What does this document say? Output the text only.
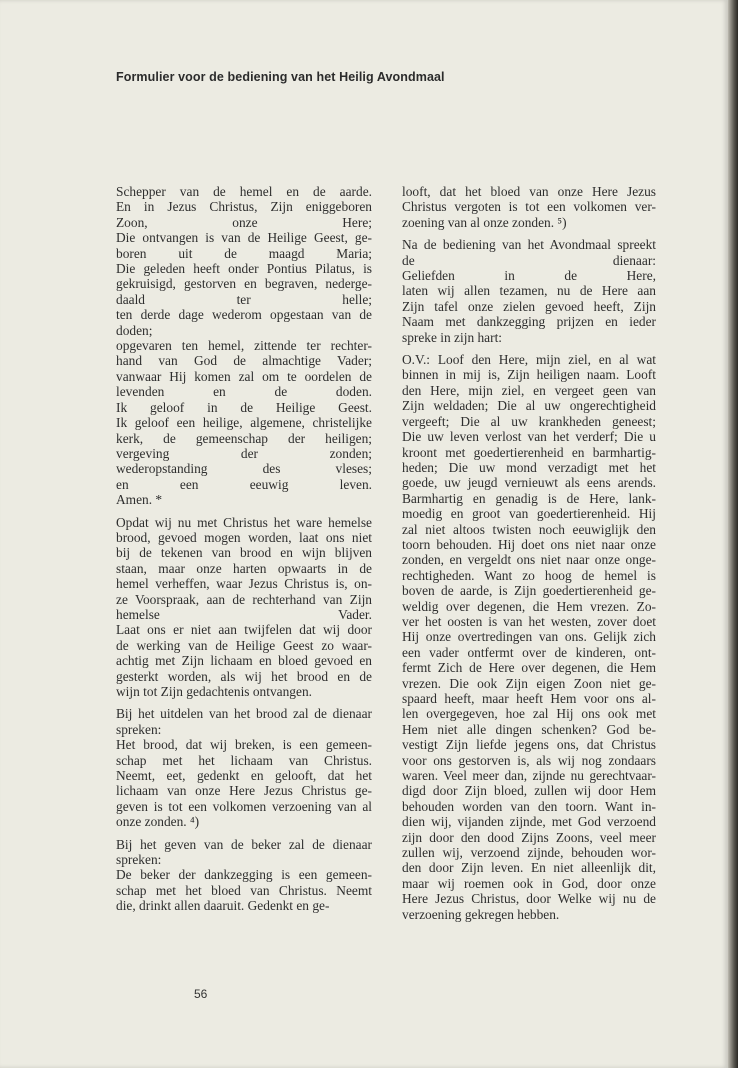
Formulier voor de bediening van het Heilig Avondmaal

Schepper van de hemel en de aarde.
En in Jezus Christus, Zijn eniggeboren
Zoon, onze Here;
Die ontvangen is van de Heilige Geest, ge-
boren uit de maagd Maria;
Die geleden heeft onder Pontius Pilatus, is
gekruisigd, gestorven en begraven, nederge-
daald ter helle;
ten derde dage wederom opgestaan van de
doden;
opgevaren ten hemel, zittende ter rechter-
hand van God de almachtige Vader;
vanwaar Hij komen zal om te oordelen de
levenden en de doden.
Ik geloof in de Heilige Geest.
Ik geloof een heilige, algemene, christelijke
kerk, de gemeenschap der heiligen;
vergeving der zonden;
wederopstanding des vleses;
en een eeuwig leven.
Amen. *

Opdat wij nu met Christus het ware hemelse
brood, gevoed mogen worden, laat ons niet
bij de tekenen van brood en wijn blijven
staan, maar onze harten opwaarts in de
hemel verheffen, waar Jezus Christus is, on-
ze Voorspraak, aan de rechterhand van Zijn
hemelse Vader.
Laat ons er niet aan twijfelen dat wij door
de werking van de Heilige Geest zo waar-
achtig met Zijn lichaam en bloed gevoed en
gesterkt worden, als wij het brood en de
wijn tot Zijn gedachtenis ontvangen.

Bij het uitdelen van het brood zal de dienaar
spreken:
Het brood, dat wij breken, is een gemeen-
schap met het lichaam van Christus.
Neemt, eet, gedenkt en gelooft, dat het
lichaam van onze Here Jezus Christus ge-
geven is tot een volkomen verzoening van al
onze zonden. ⁴)

Bij het geven van de beker zal de dienaar
spreken:
De beker der dankzegging is een gemeen-
schap met het bloed van Christus. Neemt
die, drinkt allen daaruit. Gedenkt en ge-

looft, dat het bloed van onze Here Jezus
Christus vergoten is tot een volkomen ver-
zoening van al onze zonden. ⁵)

Na de bediening van het Avondmaal spreekt
de dienaar:
Geliefden in de Here,
laten wij allen tezamen, nu de Here aan
Zijn tafel onze zielen gevoed heeft, Zijn
Naam met dankzegging prijzen en ieder
spreke in zijn hart:

O.V.: Loof den Here, mijn ziel, en al wat
binnen in mij is, Zijn heiligen naam. Looft
den Here, mijn ziel, en vergeet geen van
Zijn weldaden; Die al uw ongerechtigheid
vergeeft; Die al uw krankheden geneest;
Die uw leven verlost van het verderf; Die u
kroont met goedertierenheid en barmhartig-
heden; Die uw mond verzadigt met het
goede, uw jeugd vernieuwt als eens arends.
Barmhartig en genadig is de Here, lank-
moedig en groot van goedertierenheid. Hij
zal niet altoos twisten noch eeuwiglijk den
toorn behouden. Hij doet ons niet naar onze
zonden, en vergeldt ons niet naar onze onge-
rechtigheden. Want zo hoog de hemel is
boven de aarde, is Zijn goedertierenheid ge-
weldig over degenen, die Hem vrezen. Zo-
ver het oosten is van het westen, zover doet
Hij onze overtredingen van ons. Gelijk zich
een vader ontfermt over de kinderen, ont-
fermt Zich de Here over degenen, die Hem
vrezen. Die ook Zijn eigen Zoon niet ge-
spaard heeft, maar heeft Hem voor ons al-
len overgegeven, hoe zal Hij ons ook met
Hem niet alle dingen schenken? God be-
vestigt Zijn liefde jegens ons, dat Christus
voor ons gestorven is, als wij nog zondaars
waren. Veel meer dan, zijnde nu gerechtvaar-
digd door Zijn bloed, zullen wij door Hem
behouden worden van den toorn. Want in-
dien wij, vijanden zijnde, met God verzoend
zijn door den dood Zijns Zoons, veel meer
zullen wij, verzoend zijnde, behouden wor-
den door Zijn leven. En niet alleenlijk dit,
maar wij roemen ook in God, door onze
Here Jezus Christus, door Welke wij nu de
verzoening gekregen hebben.

56
